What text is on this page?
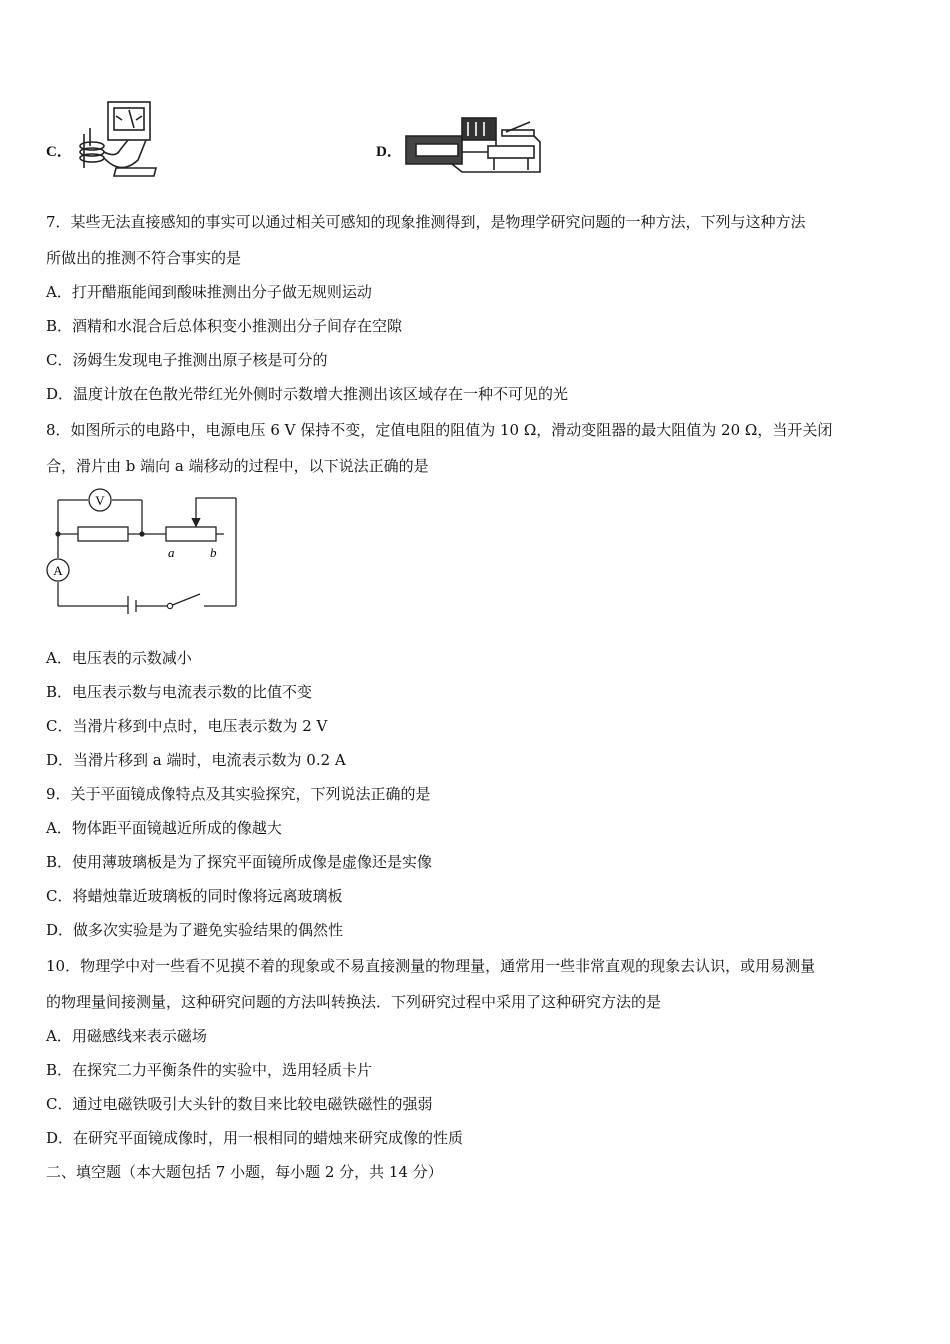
C．	D．
7．某些无法直接感知的事实可以通过相关可感知的现象推测得到，是物理学研究问题的一种方法，下列与这种方法
所做出的推测不符合事实的是
A．打开醋瓶能闻到酸味推测出分子做无规则运动
B．酒精和水混合后总体积变小推测出分子间存在空隙
C．汤姆生发现电子推测出原子核是可分的
D．温度计放在色散光带红光外侧时示数增大推测出该区域存在一种不可见的光
8．如图所示的电路中，电源电压 6 V 保持不变，定值电阻的阻值为 10 Ω，滑动变阻器的最大阻值为 20 Ω，当开关闭
合，滑片由 b 端向 a 端移动的过程中，以下说法正确的是
V
A
a	b
A．电压表的示数减小
B．电压表示数与电流表示数的比值不变
C．当滑片移到中点时，电压表示数为 2 V
D．当滑片移到 a 端时，电流表示数为 0.2 A
9．关于平面镜成像特点及其实验探究，下列说法正确的是
A．物体距平面镜越近所成的像越大
B．使用薄玻璃板是为了探究平面镜所成像是虚像还是实像
C．将蜡烛靠近玻璃板的同时像将远离玻璃板
D．做多次实验是为了避免实验结果的偶然性
10．物理学中对一些看不见摸不着的现象或不易直接测量的物理量，通常用一些非常直观的现象去认识，或用易测量
的物理量间接测量，这种研究问题的方法叫转换法．下列研究过程中采用了这种研究方法的是
A．用磁感线来表示磁场
B．在探究二力平衡条件的实验中，选用轻质卡片
C．通过电磁铁吸引大头针的数目来比较电磁铁磁性的强弱
D．在研究平面镜成像时，用一根相同的蜡烛来研究成像的性质
二、填空题（本大题包括 7 小题，每小题 2 分，共 14 分）
